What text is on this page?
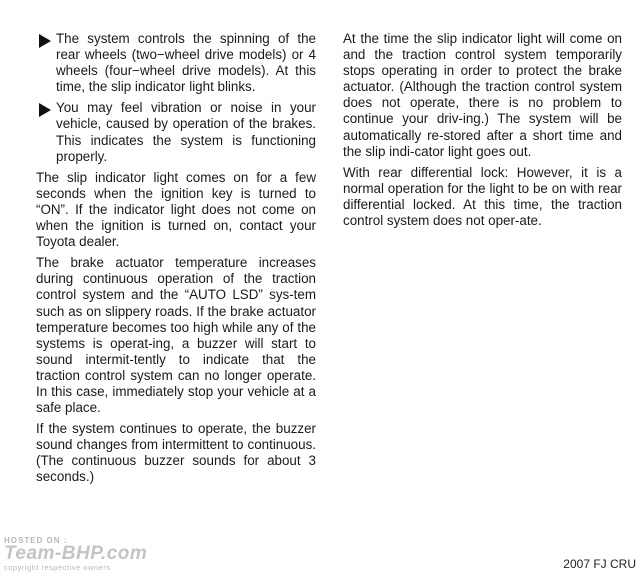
The system controls the spinning of the rear wheels (two−wheel drive models) or 4 wheels (four−wheel drive models). At this time, the slip indicator light blinks.

You may feel vibration or noise in your vehicle, caused by operation of the brakes. This indicates the system is functioning properly.

The slip indicator light comes on for a few seconds when the ignition key is turned to “ON”. If the indicator light does not come on when the ignition is turned on, contact your Toyota dealer.

The brake actuator temperature increases during continuous operation of the traction control system and the “AUTO LSD” sys-tem such as on slippery roads. If the brake actuator temperature becomes too high while any of the systems is operat-ing, a buzzer will start to sound intermit-tently to indicate that the traction control system can no longer operate. In this case, immediately stop your vehicle at a safe place.

If the system continues to operate, the buzzer sound changes from intermittent to continuous. (The continuous buzzer sounds for about 3 seconds.)

At the time the slip indicator light will come on and the traction control system temporarily stops operating in order to protect the brake actuator. (Although the traction control system does not operate, there is no problem to continue your driv-ing.) The system will be automatically re-stored after a short time and the slip indi-cator light goes out.

With rear differential lock: However, it is a normal operation for the light to be on with rear differential locked. At this time, the traction control system does not oper-ate.

HOSTED ON :
Team-BHP.com
copyright respective owners	2007 FJ CRU
